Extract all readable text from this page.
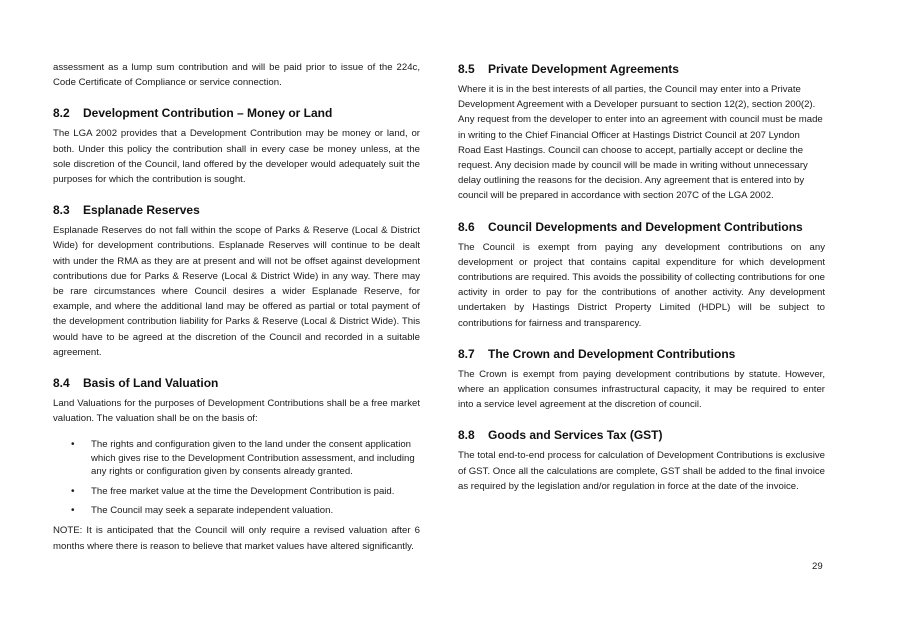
assessment as a lump sum contribution and will be paid prior to issue of the 224c, Code Certificate of Compliance or service connection.

8.2	Development Contribution – Money or Land

The LGA 2002 provides that a Development Contribution may be money or land, or both. Under this policy the contribution shall in every case be money unless, at the sole discretion of the Council, land offered by the developer would adequately suit the purposes for which the contribution is sought.

8.3	Esplanade Reserves

Esplanade Reserves do not fall within the scope of Parks & Reserve (Local & District Wide) for development contributions. Esplanade Reserves will continue to be dealt with under the RMA as they are at present and will not be offset against development contributions due for Parks & Reserve (Local & District Wide) in any way. There may be rare circumstances where Council desires a wider Esplanade Reserve, for example, and where the additional land may be offered as partial or total payment of the development contribution liability for Parks & Reserve (Local & District Wide). This would have to be agreed at the discretion of the Council and recorded in a suitable agreement.

8.4	Basis of Land Valuation

Land Valuations for the purposes of Development Contributions shall be a free market valuation. The valuation shall be on the basis of:

• The rights and configuration given to the land under the consent application which gives rise to the Development Contribution assessment, and including any rights or configuration given by consents already granted.
• The free market value at the time the Development Contribution is paid.
• The Council may seek a separate independent valuation.

NOTE: It is anticipated that the Council will only require a revised valuation after 6 months where there is reason to believe that market values have altered significantly.

8.5	Private Development Agreements

Where it is in the best interests of all parties, the Council may enter into a Private Development Agreement with a Developer pursuant to section 12(2), section 200(2). Any request from the developer to enter into an agreement with council must be made in writing to the Chief Financial Officer at Hastings District Council at 207 Lyndon Road East Hastings. Council can choose to accept, partially accept or decline the request. Any decision made by council will be made in writing without unnecessary delay outlining the reasons for the decision. Any agreement that is entered into by council will be prepared in accordance with section 207C of the LGA 2002.

8.6	Council Developments and Development Contributions

The Council is exempt from paying any development contributions on any development or project that contains capital expenditure for which development contributions are required. This avoids the possibility of collecting contributions for one activity in order to pay for the contributions of another activity. Any development undertaken by Hastings District Property Limited (HDPL) will be subject to contributions for fairness and transparency.

8.7	The Crown and Development Contributions

The Crown is exempt from paying development contributions by statute. However, where an application consumes infrastructural capacity, it may be required to enter into a service level agreement at the discretion of council.

8.8	Goods and Services Tax (GST)

The total end-to-end process for calculation of Development Contributions is exclusive of GST. Once all the calculations are complete, GST shall be added to the final invoice as required by the legislation and/or regulation in force at the date of the invoice.

29
